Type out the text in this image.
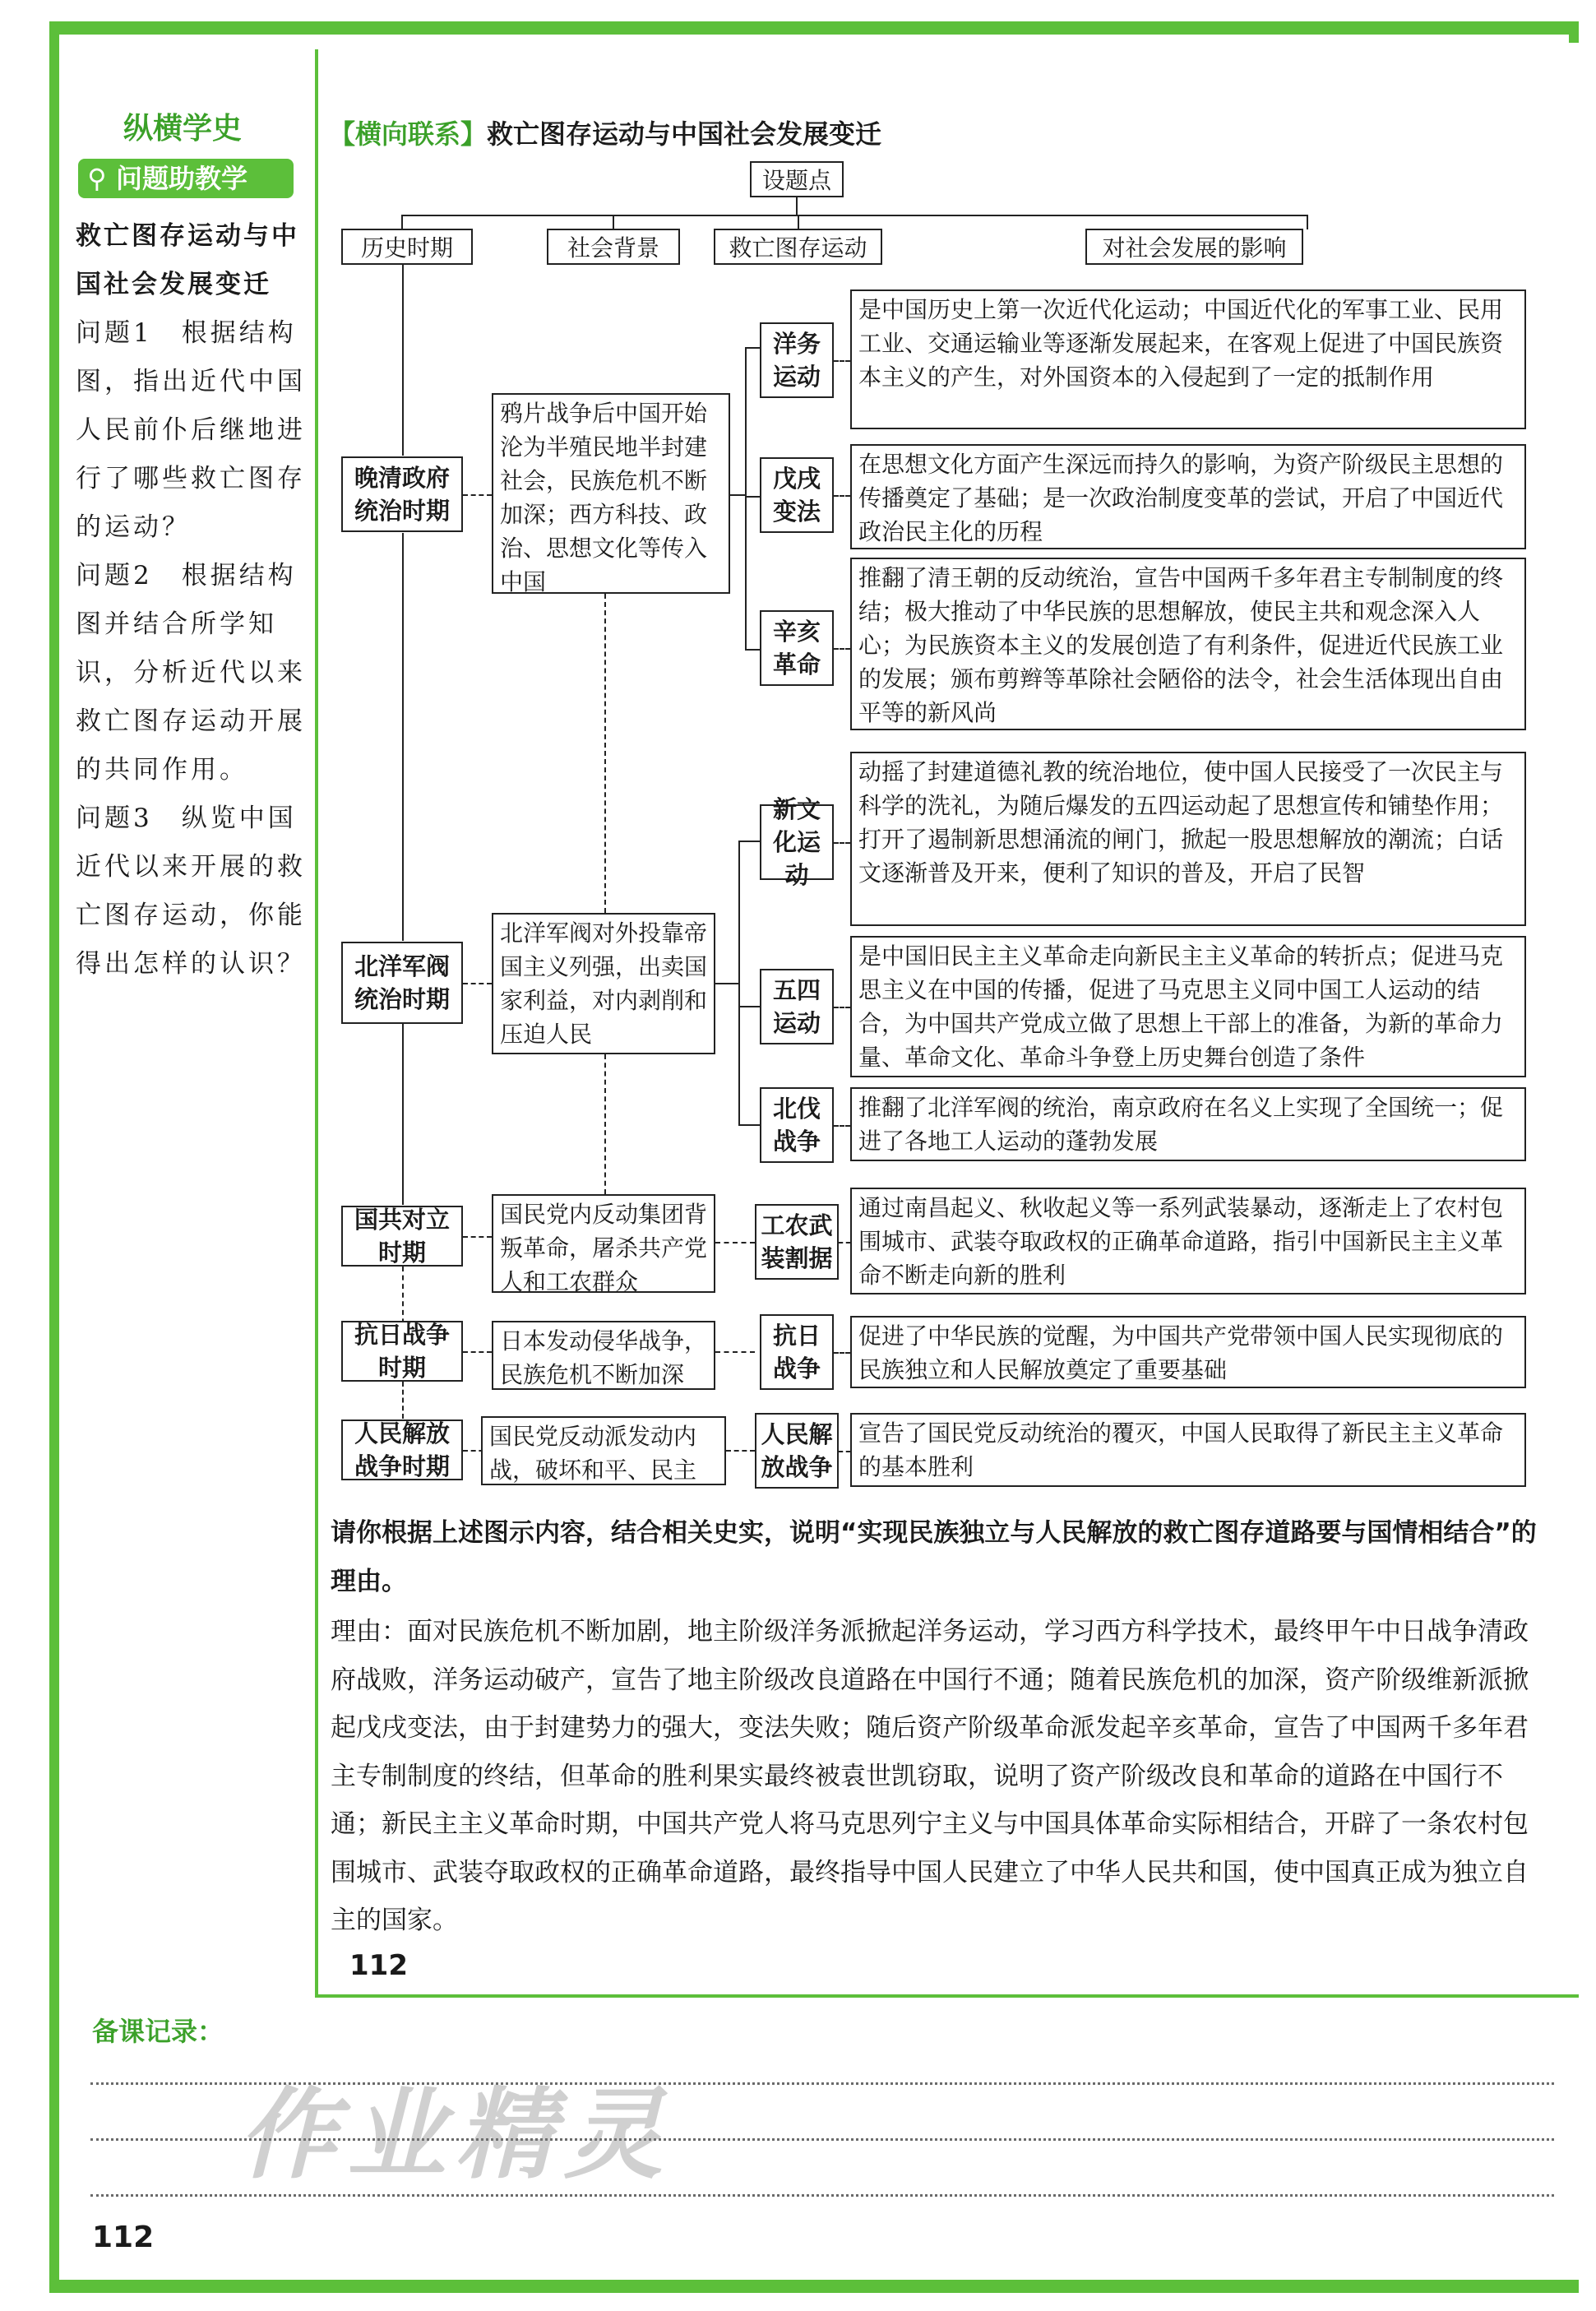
纵横学史
⚲ 问题助教学

救亡图存运动与中国社会发展变迁

问题1　根据结构图，指出近代中国人民前仆后继地进行了哪些救亡图存的运动？

问题2　根据结构图并结合所学知识，分析近代以来救亡图存运动开展的共同作用。

问题3　纵览中国近代以来开展的救亡图存运动，你能得出怎样的认识？

【横向联系】救亡图存运动与中国社会发展变迁
设题点
历史时期	社会背景	救亡图存运动	对社会发展的影响
晚清政府统治时期
北洋军阀统治时期
国共对立时期
抗日战争时期
人民解放战争时期
鸦片战争后中国开始沦为半殖民地半封建社会，民族危机不断加深；西方科技、政治、思想文化等传入中国
北洋军阀对外投靠帝国主义列强，出卖国家利益，对内剥削和压迫人民
国民党内反动集团背叛革命，屠杀共产党人和工农群众
日本发动侵华战争，民族危机不断加深
国民党反动派发动内战，破坏和平、民主
洋务运动
戊戌变法
辛亥革命
新文化运动
五四运动
北伐战争
工农武装割据
抗日战争
人民解放战争
是中国历史上第一次近代化运动；中国近代化的军事工业、民用工业、交通运输业等逐渐发展起来，在客观上促进了中国民族资本主义的产生，对外国资本的入侵起到了一定的抵制作用
在思想文化方面产生深远而持久的影响，为资产阶级民主思想的传播奠定了基础；是一次政治制度变革的尝试，开启了中国近代政治民主化的历程
推翻了清王朝的反动统治，宣告中国两千多年君主专制制度的终结；极大推动了中华民族的思想解放，使民主共和观念深入人心；为民族资本主义的发展创造了有利条件，促进近代民族工业的发展；颁布剪辫等革除社会陋俗的法令，社会生活体现出自由平等的新风尚
动摇了封建道德礼教的统治地位，使中国人民接受了一次民主与科学的洗礼，为随后爆发的五四运动起了思想宣传和铺垫作用；打开了遏制新思想涌流的闸门，掀起一股思想解放的潮流；白话文逐渐普及开来，便利了知识的普及，开启了民智
是中国旧民主主义革命走向新民主主义革命的转折点；促进马克思主义在中国的传播，促进了马克思主义同中国工人运动的结合，为中国共产党成立做了思想上干部上的准备，为新的革命力量、革命文化、革命斗争登上历史舞台创造了条件
推翻了北洋军阀的统治，南京政府在名义上实现了全国统一；促进了各地工人运动的蓬勃发展
通过南昌起义、秋收起义等一系列武装暴动，逐渐走上了农村包围城市、武装夺取政权的正确革命道路，指引中国新民主主义革命不断走向新的胜利
促进了中华民族的觉醒，为中国共产党带领中国人民实现彻底的民族独立和人民解放奠定了重要基础
宣告了国民党反动统治的覆灭，中国人民取得了新民主主义革命的基本胜利
请你根据上述图示内容，结合相关史实，说明“实现民族独立与人民解放的救亡图存道路要与国情相结合”的理由。
理由：面对民族危机不断加剧，地主阶级洋务派掀起洋务运动，学习西方科学技术，最终甲午中日战争清政府战败，洋务运动破产，宣告了地主阶级改良道路在中国行不通；随着民族危机的加深，资产阶级维新派掀起戊戌变法，由于封建势力的强大，变法失败；随后资产阶级革命派发起辛亥革命，宣告了中国两千多年君主专制制度的终结，但革命的胜利果实最终被袁世凯窃取，说明了资产阶级改良和革命的道路在中国行不通；新民主主义革命时期，中国共产党人将马克思列宁主义与中国具体革命实际相结合，开辟了一条农村包围城市、武装夺取政权的正确革命道路，最终指导中国人民建立了中华人民共和国，使中国真正成为独立自主的国家。
112
备课记录：
112
作业精灵
